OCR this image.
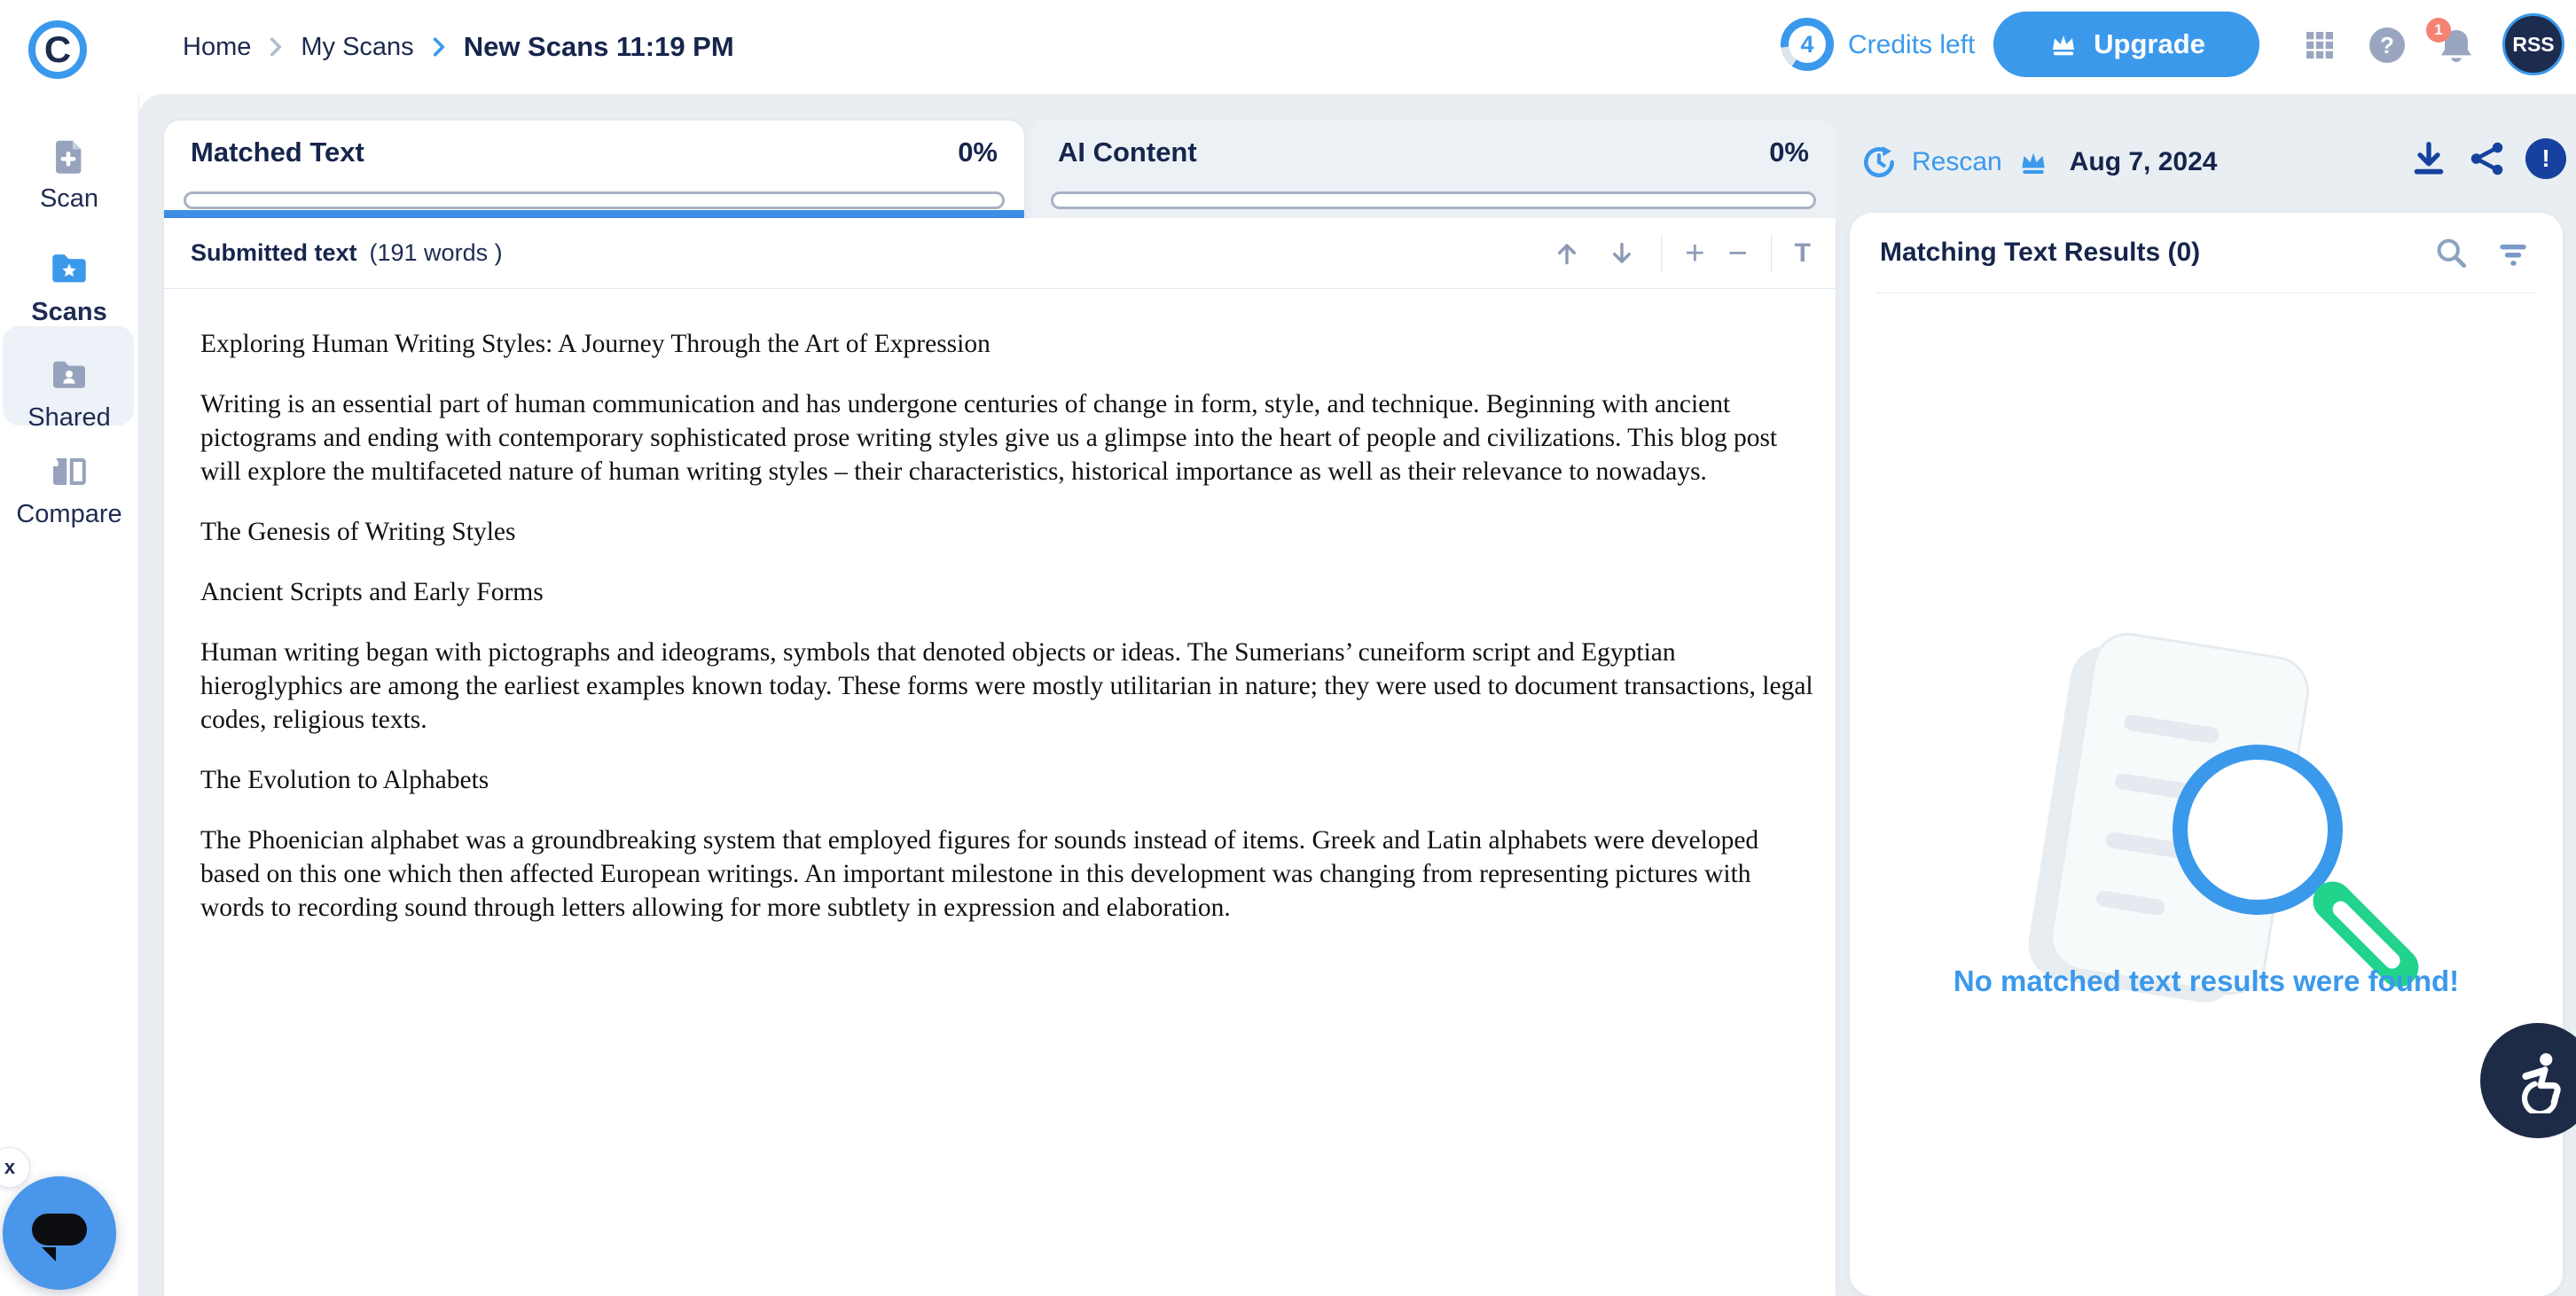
C	Home My Scans New Scans 11:19 PM	4	Credits left	Upgrade	?
1
RSS
Scan
Scans
Shared
Compare
Matched Text	0% AI Content	0%
Submitted text (191 words )	+ − T

Exploring Human Writing Styles: A Journey Through the Art of Expression

Writing is an essential part of human communication and has undergone centuries of change in form, style, and technique. Beginning with ancient pictograms and ending with contemporary sophisticated prose writing styles give us a glimpse into the heart of people and civilizations. This blog post will explore the multifaceted nature of human writing styles – their characteristics, historical importance as well as their relevance to nowadays.

The Genesis of Writing Styles

Ancient Scripts and Early Forms

Human writing began with pictographs and ideograms, symbols that denoted objects or ideas. The Sumerians’ cuneiform script and Egyptian hieroglyphics are among the earliest examples known today. These forms were mostly utilitarian in nature; they were used to document transactions, legal codes, religious texts.

The Evolution to Alphabets

The Phoenician alphabet was a groundbreaking system that employed figures for sounds instead of items. Greek and Latin alphabets were developed based on this one which then affected European writings. An important milestone in this development was changing from representing pictures with words to recording sound through letters allowing for more subtlety in expression and elaboration.

Rescan	Aug 7, 2024	!
Matching Text Results (0)
No matched text results were found!
x
